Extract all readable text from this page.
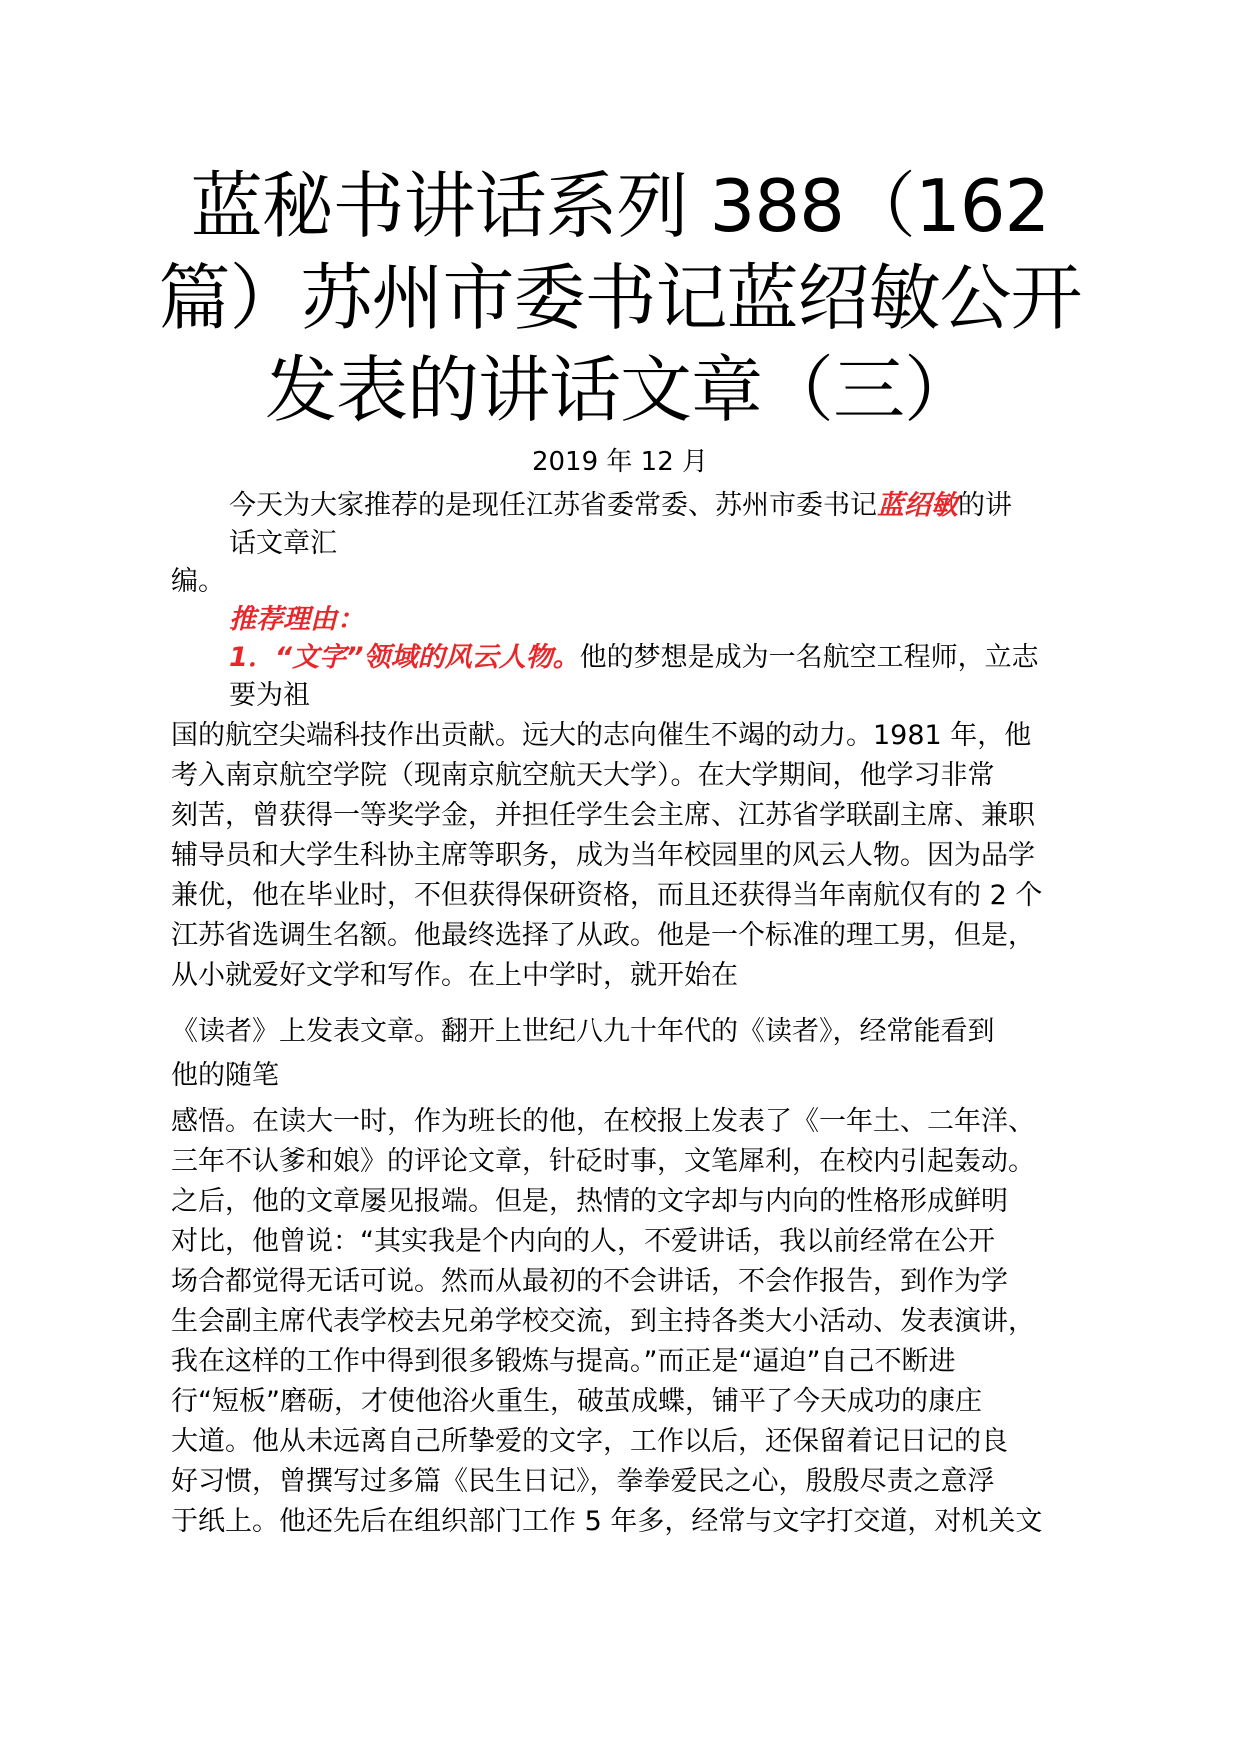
蓝秘书讲话系列 388（162
篇）苏州市委书记蓝绍敏公开
发表的讲话文章（三）
2019 年 12 月
今天为大家推荐的是现任江苏省委常委、苏州市委书记蓝绍敏的讲
话文章汇
编。
推荐理由：
1．“文字”领域的风云人物。他的梦想是成为一名航空工程师，立志
要为祖
国的航空尖端科技作出贡献。远大的志向催生不竭的动力。1981 年，他
考入南京航空学院（现南京航空航天大学）。在大学期间，他学习非常
刻苦，曾获得一等奖学金，并担任学生会主席、江苏省学联副主席、兼职
辅导员和大学生科协主席等职务，成为当年校园里的风云人物。因为品学
兼优，他在毕业时，不但获得保研资格，而且还获得当年南航仅有的 2 个
江苏省选调生名额。他最终选择了从政。他是一个标准的理工男，但是，
从小就爱好文学和写作。在上中学时，就开始在
《读者》上发表文章。翻开上世纪八九十年代的《读者》，经常能看到
他的随笔
感悟。在读大一时，作为班长的他，在校报上发表了《一年土、二年洋、
三年不认爹和娘》的评论文章，针砭时事，文笔犀利，在校内引起轰动。
之后，他的文章屡见报端。但是，热情的文字却与内向的性格形成鲜明
对比，他曾说：“其实我是个内向的人，不爱讲话，我以前经常在公开
场合都觉得无话可说。然而从最初的不会讲话，不会作报告，到作为学
生会副主席代表学校去兄弟学校交流，到主持各类大小活动、发表演讲，
我在这样的工作中得到很多锻炼与提高。”而正是“逼迫”自己不断进
行“短板”磨砺，才使他浴火重生，破茧成蝶，铺平了今天成功的康庄
大道。他从未远离自己所挚爱的文字，工作以后，还保留着记日记的良
好习惯，曾撰写过多篇《民生日记》，拳拳爱民之心，殷殷尽责之意浮
于纸上。他还先后在组织部门工作 5 年多，经常与文字打交道，对机关文
